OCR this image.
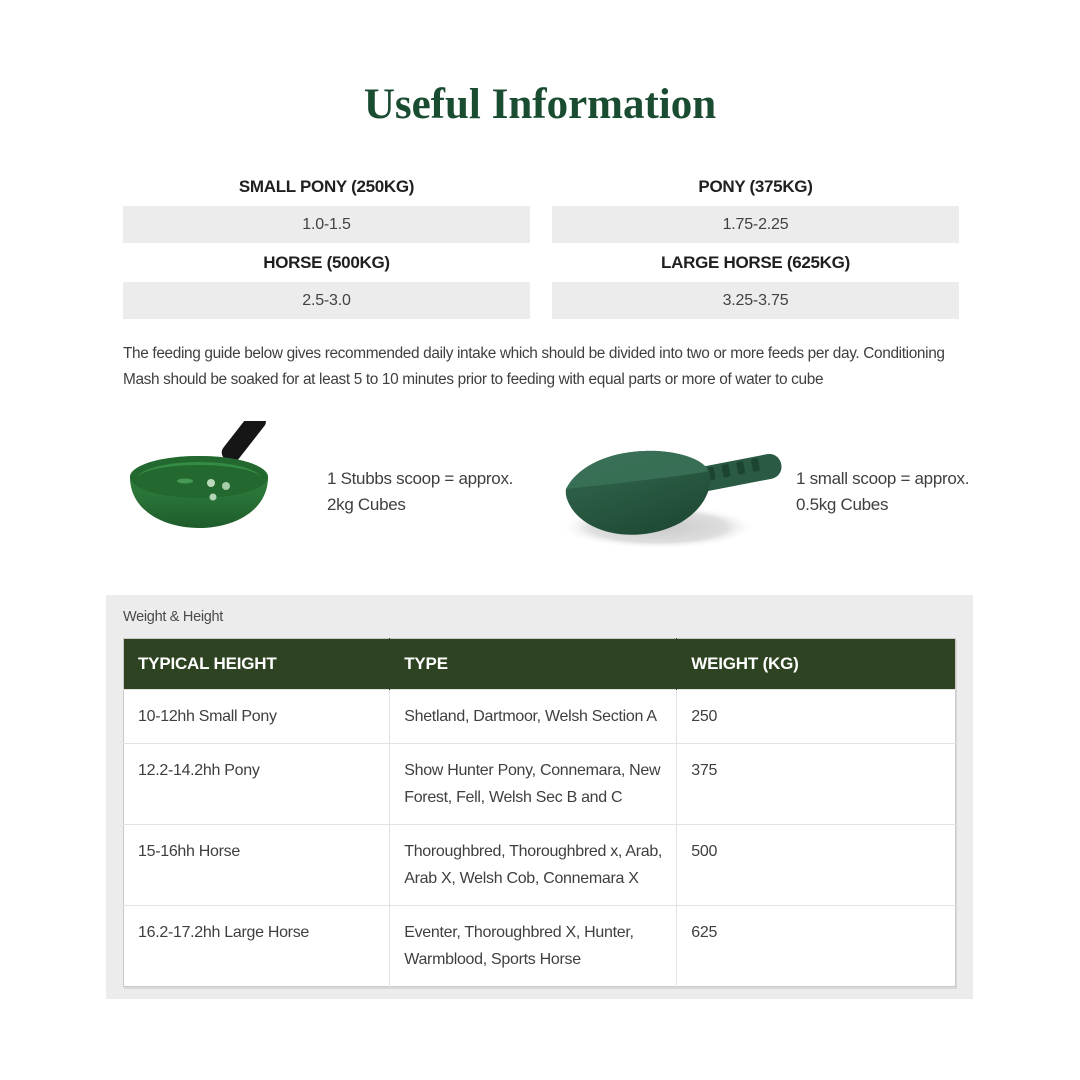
Useful Information
SMALL PONY (250KG)
1.0-1.5
PONY (375KG)
1.75-2.25
HORSE (500KG)
2.5-3.0
LARGE HORSE (625KG)
3.25-3.75

The feeding guide below gives recommended daily intake which should be divided into two or more feeds per day. Conditioning Mash should be soaked for at least 5 to 10 minutes prior to feeding with equal parts or more of water to cube

1 Stubbs scoop = approx. 2kg Cubes
1 small scoop = approx. 0.5kg Cubes
Weight & Height
TYPICAL HEIGHT	TYPE	WEIGHT (KG)
10-12hh Small Pony	Shetland, Dartmoor, Welsh Section A	250
12.2-14.2hh Pony	Show Hunter Pony, Connemara, New Forest, Fell, Welsh Sec B and C	375
15-16hh Horse	Thoroughbred, Thoroughbred x, Arab, Arab X, Welsh Cob, Connemara X	500
16.2-17.2hh Large Horse	Eventer, Thoroughbred X, Hunter, Warmblood, Sports Horse	625
